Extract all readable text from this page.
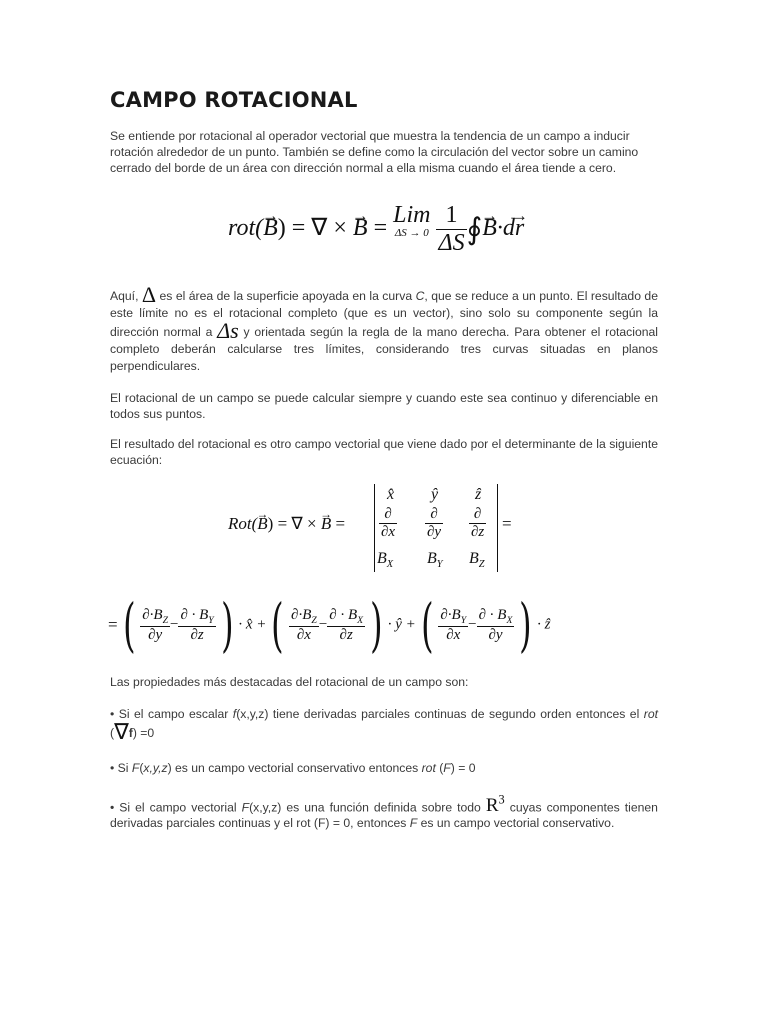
CAMPO ROTACIONAL

Se entiende por rotacional al operador vectorial que muestra la tendencia de un campo a inducir rotación alrededor de un punto. También se define como la circulación del vector sobre un camino cerrado del borde de un área con dirección normal a ella misma cuando el área tiende a cero.

rot(→ B) = ∇ × → B = Lim
ΔS → 0
$\frac{1}{\Delta S}$ ∮→ B·d→ r

Aquí, Δ es el área de la superficie apoyada en la curva C, que se reduce a un punto. El resultado de este límite no es el rotacional completo (que es un vector), sino solo su componente según la dirección normal a Δs y orientada según la regla de la mano derecha. Para obtener el rotacional completo deberán calcularse tres límites, considerando tres curvas situadas en planos perpendiculares.

El rotacional de un campo se puede calcular siempre y cuando este sea continuo y diferenciable en todos sus puntos.

El resultado del rotacional es otro campo vectorial que viene dado por el determinante de la siguiente ecuación:

Rot(→ B) = ∇ × → B =
x̂ ŷ ẑ
∂
∂x
∂
∂y
∂
∂z
$B_X$ $B_Y$ $B_Z$
=
=( $\frac{\partial\cdot B_Z}{\partial y} - \frac{\partial \cdot B_Y}{\partial z}$ ) · x̂ +( $\frac{\partial\cdot B_Z}{\partial x} - \frac{\partial \cdot B_X}{\partial z}$ ) · ŷ +( $\frac{\partial\cdot B_Y}{\partial x} - \frac{\partial \cdot B_X}{\partial y}$ ) · ẑ

Las propiedades más destacadas del rotacional de un campo son:

• Si el campo escalar f(x,y,z) tiene derivadas parciales continuas de segundo orden entonces el rot (∇f) =0

• Si F(x,y,z) es un campo vectorial conservativo entonces rot (F) = 0

• Si el campo vectorial F(x,y,z) es una función definida sobre todo $R^3$ cuyas componentes tienen derivadas parciales continuas y el rot (F) = 0, entonces F es un campo vectorial conservativo.
